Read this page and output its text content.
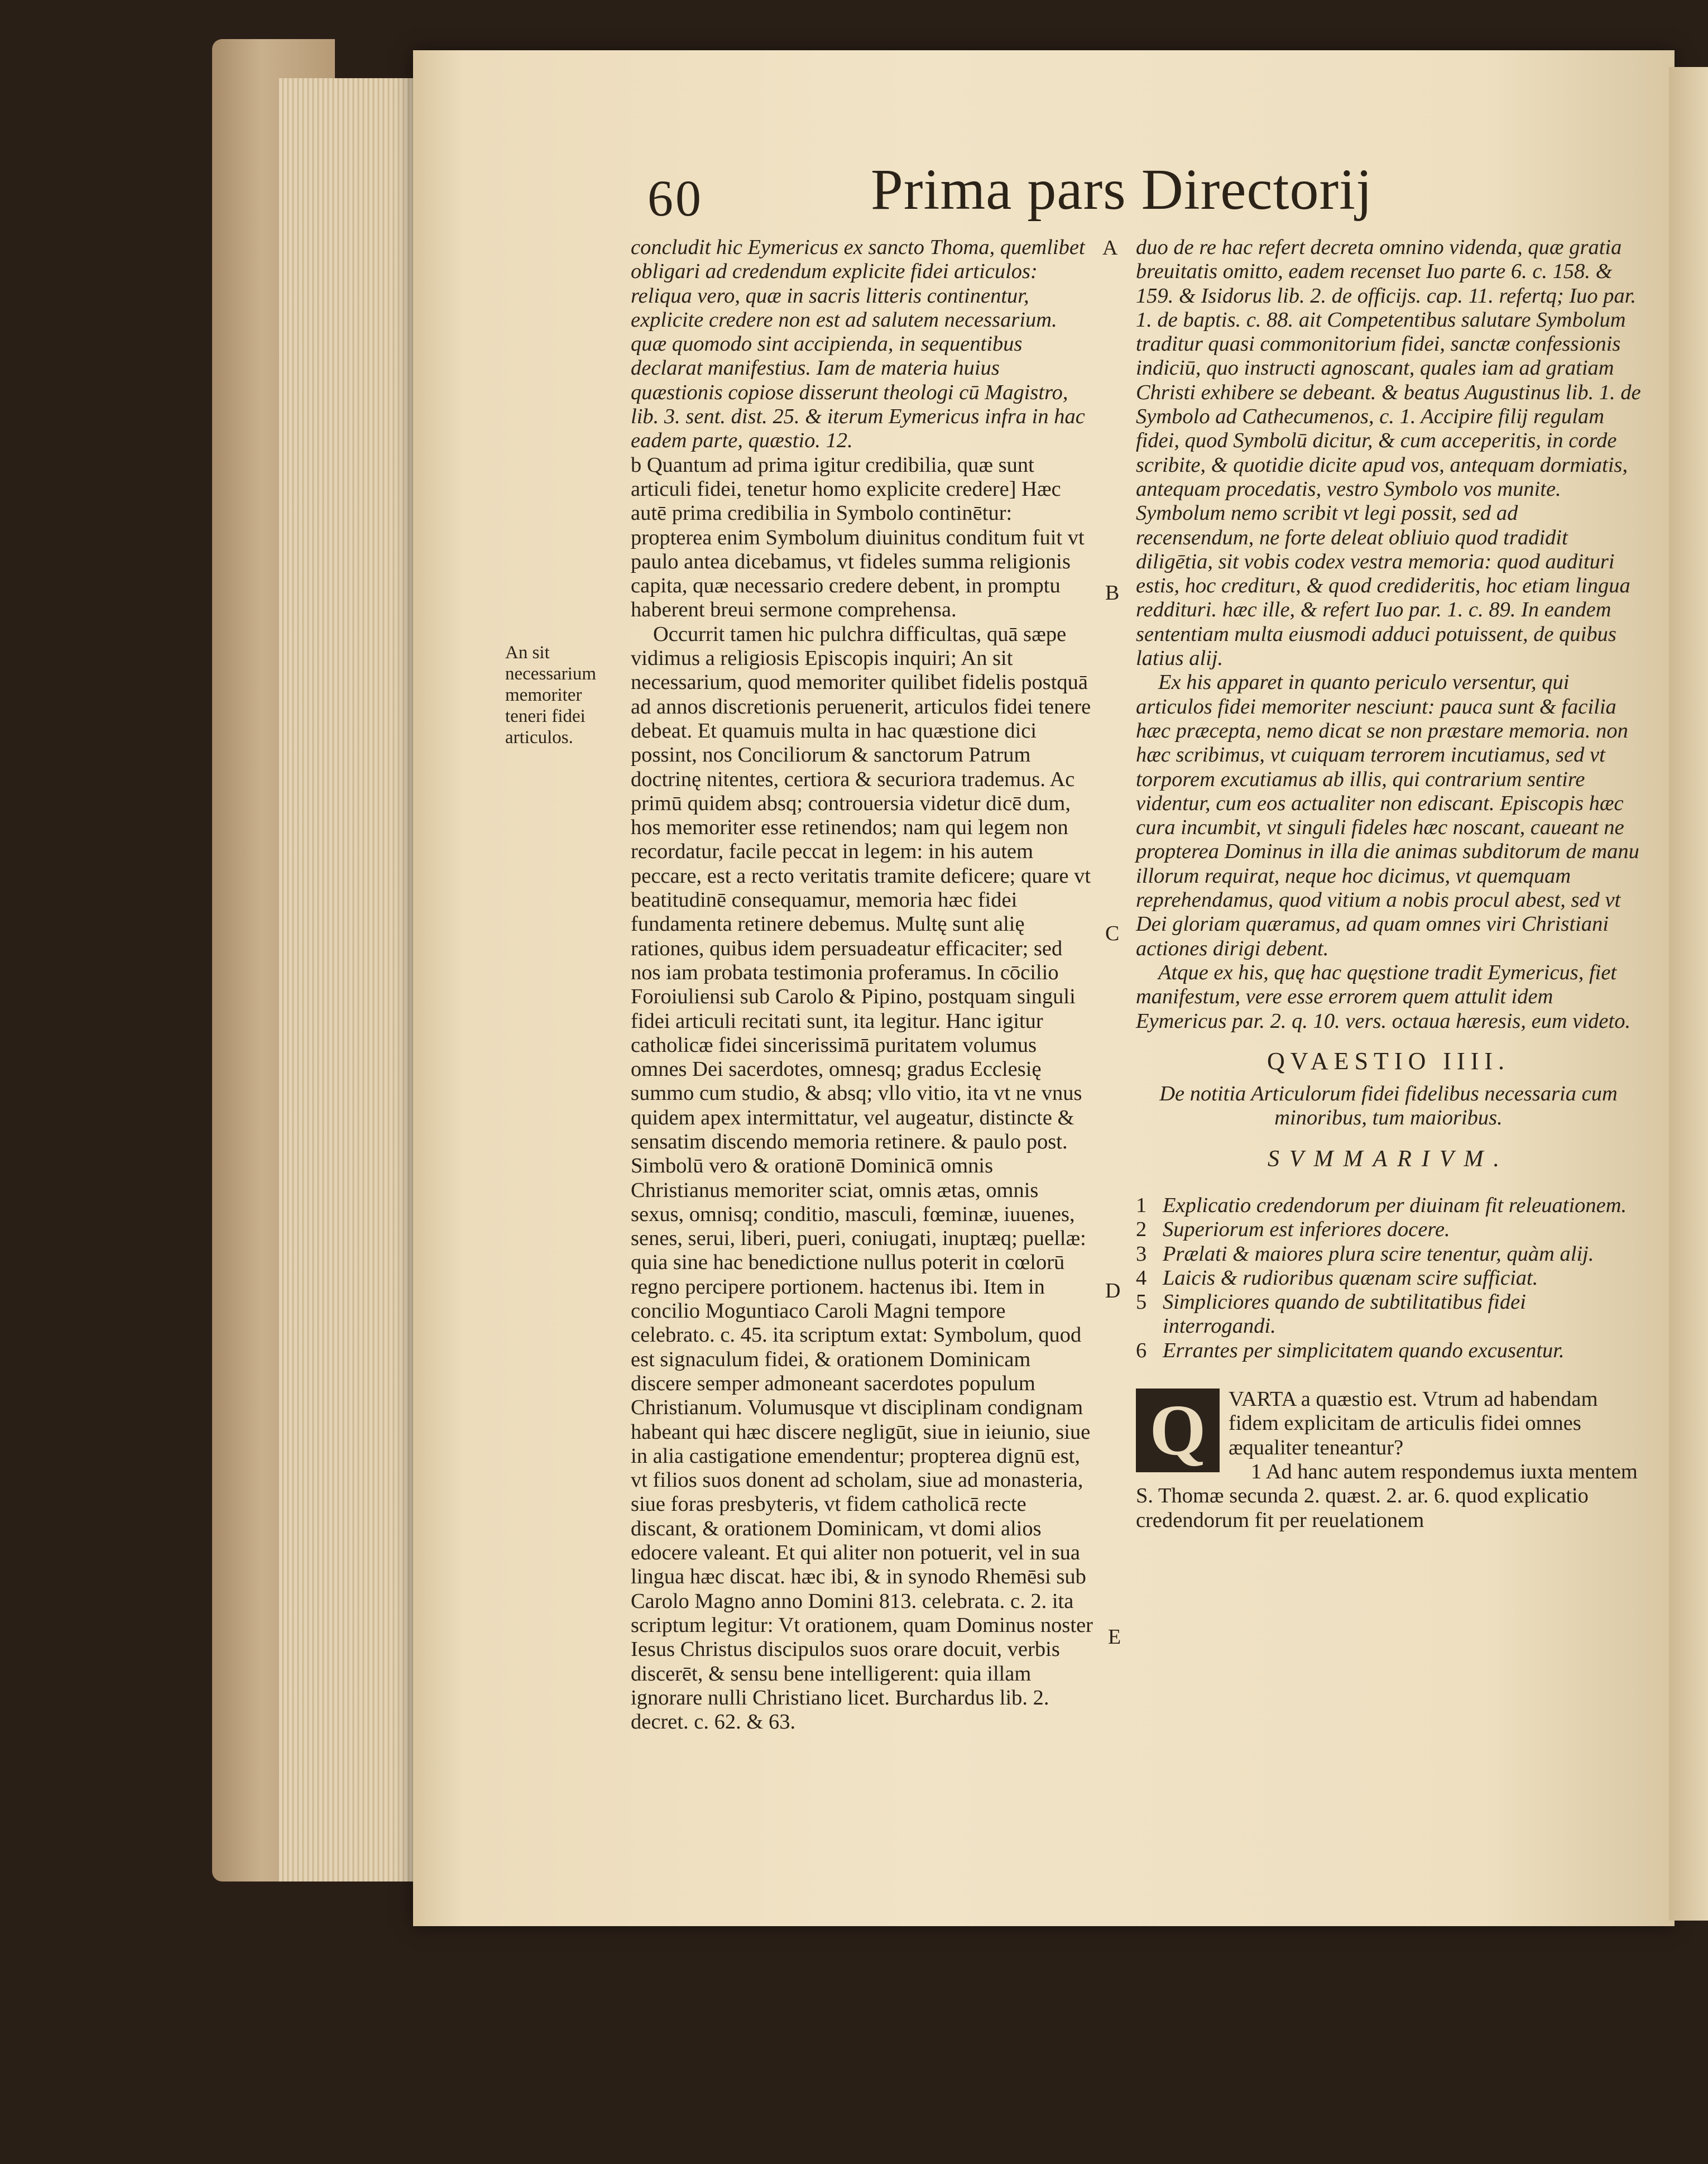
60	Prima pars Directorij
An sit necessarium memoriter teneri fidei articulos.

concludit hic Eymericus ex sancto Thoma, quemlibet obligari ad credendum explicite fidei articulos: reliqua vero, quæ in sacris litteris continentur, explicite credere non est ad salutem necessarium. quæ quomodo sint accipienda, in sequentibus declarat manifestius. Iam de materia huius quæstionis copiose disserunt theologi cū Magistro, lib. 3. sent. dist. 25. & iterum Eymericus infra in hac eadem parte, quæstio. 12.

b Quantum ad prima igitur credibilia, quæ sunt articuli fidei, tenetur homo explicite credere] Hæc autē prima credibilia in Symbolo continētur: propterea enim Symbolum diuinitus conditum fuit vt paulo antea dicebamus, vt fideles summa religionis capita, quæ necessario credere debent, in promptu haberent breui sermone comprehensa.

Occurrit tamen hic pulchra difficultas, quā sæpe vidimus a religiosis Episcopis inquiri; An sit necessarium, quod memoriter quilibet fidelis postquā ad annos discretionis peruenerit, articulos fidei tenere debeat. Et quamuis multa in hac quæstione dici possint, nos Conciliorum & sanctorum Patrum doctrinę nitentes, certiora & securiora trademus. Ac primū quidem absq; controuersia videtur dicē dum, hos memoriter esse retinendos; nam qui legem non recordatur, facile peccat in legem: in his autem peccare, est a recto veritatis tramite deficere; quare vt beatitudinē consequamur, memoria hæc fidei fundamenta retinere debemus. Multę sunt alię rationes, quibus idem persuadeatur efficaciter; sed nos iam probata testimonia proferamus. In cōcilio Foroiuliensi sub Carolo & Pipino, postquam singuli fidei articuli recitati sunt, ita legitur. Hanc igitur catholicæ fidei sincerissimā puritatem volumus omnes Dei sacerdotes, omnesq; gradus Ecclesię summo cum studio, & absq; vllo vitio, ita vt ne vnus quidem apex intermittatur, vel augeatur, distincte & sensatim discendo memoria retinere. & paulo post. Simbolū vero & orationē Dominicā omnis Christianus memoriter sciat, omnis ætas, omnis sexus, omnisq; conditio, masculi, fœminæ, iuuenes, senes, serui, liberi, pueri, coniugati, inuptæq; puellæ: quia sine hac benedictione nullus poterit in cœlorū regno percipere portionem. hactenus ibi. Item in concilio Moguntiaco Caroli Magni tempore celebrato. c. 45. ita scriptum extat: Symbolum, quod est signaculum fidei, & orationem Dominicam discere semper admoneant sacerdotes populum Christianum. Volumusque vt disciplinam condignam habeant qui hæc discere negligūt, siue in ieiunio, siue in alia castigatione emendentur; propterea dignū est, vt filios suos donent ad scholam, siue ad monasteria, siue foras presbyteris, vt fidem catholicā recte discant, & orationem Dominicam, vt domi alios edocere valeant. Et qui aliter non potuerit, vel in sua lingua hæc discat. hæc ibi, & in synodo Rhemēsi sub Carolo Magno anno Domini 813. celebrata. c. 2. ita scriptum legitur: Vt orationem, quam Dominus noster Iesus Christus discipulos suos orare docuit, verbis discerēt, & sensu bene intelligerent: quia illam ignorare nulli Christiano licet. Burchardus lib. 2. decret. c. 62. & 63.

A
B
C
D
E

duo de re hac refert decreta omnino videnda, quæ gratia breuitatis omitto, eadem recenset Iuo parte 6. c. 158. & 159. & Isidorus lib. 2. de officijs. cap. 11. refertq; Iuo par. 1. de baptis. c. 88. ait Competentibus salutare Symbolum traditur quasi commonitorium fidei, sanctæ confessionis indiciū, quo instructi agnoscant, quales iam ad gratiam Christi exhibere se debeant. & beatus Augustinus lib. 1. de Symbolo ad Cathecumenos, c. 1. Accipire filij regulam fidei, quod Symbolū dicitur, & cum acceperitis, in corde scribite, & quotidie dicite apud vos, antequam dormiatis, antequam procedatis, vestro Symbolo vos munite. Symbolum nemo scribit vt legi possit, sed ad recensendum, ne forte deleat obliuio quod tradidit diligētia, sit vobis codex vestra memoria: quod audituri estis, hoc crediturι, & quod credideritis, hoc etiam lingua reddituri. hæc ille, & refert Iuo par. 1. c. 89. In eandem sententiam multa eiusmodi adduci potuissent, de quibus latius alij.

Ex his apparet in quanto periculo versentur, qui articulos fidei memoriter nesciunt: pauca sunt & facilia hæc præcepta, nemo dicat se non præstare memoria. non hæc scribimus, vt cuiquam terrorem incutiamus, sed vt torporem excutiamus ab illis, qui contrarium sentire videntur, cum eos actualiter non ediscant. Episcopis hæc cura incumbit, vt singuli fideles hæc noscant, caueant ne propterea Dominus in illa die animas subditorum de manu illorum requirat, neque hoc dicimus, vt quemquam reprehendamus, quod vitium a nobis procul abest, sed vt Dei gloriam quæramus, ad quam omnes viri Christiani actiones dirigi debent.

Atque ex his, quę hac quęstione tradit Eymericus, fiet manifestum, vere esse errorem quem attulit idem Eymericus par. 2. q. 10. vers. octaua hæresis, eum videto.

QVAESTIO IIII.
De notitia Articulorum fidei fidelibus necessaria cum minoribus, tum maioribus.
SVMMARIVM.
1 Explicatio credendorum per diuinam fit releuationem.
2 Superiorum est inferiores docere.
3 Prælati & maiores plura scire tenentur, quàm alij.
4 Laicis & rudioribus quænam scire sufficiat.
5 Simpliciores quando de subtilitatibus fidei interrogandi.
6 Errantes per simplicitatem quando excusentur.
Q	VARTA a quæstio est. Vtrum ad habendam fidem explicitam de articulis fidei omnes æqualiter teneantur?

1 Ad hanc autem respondemus iuxta mentem S. Thomæ secunda 2. quæst. 2. ar. 6. quod explicatio credendorum fit per reuelationem
